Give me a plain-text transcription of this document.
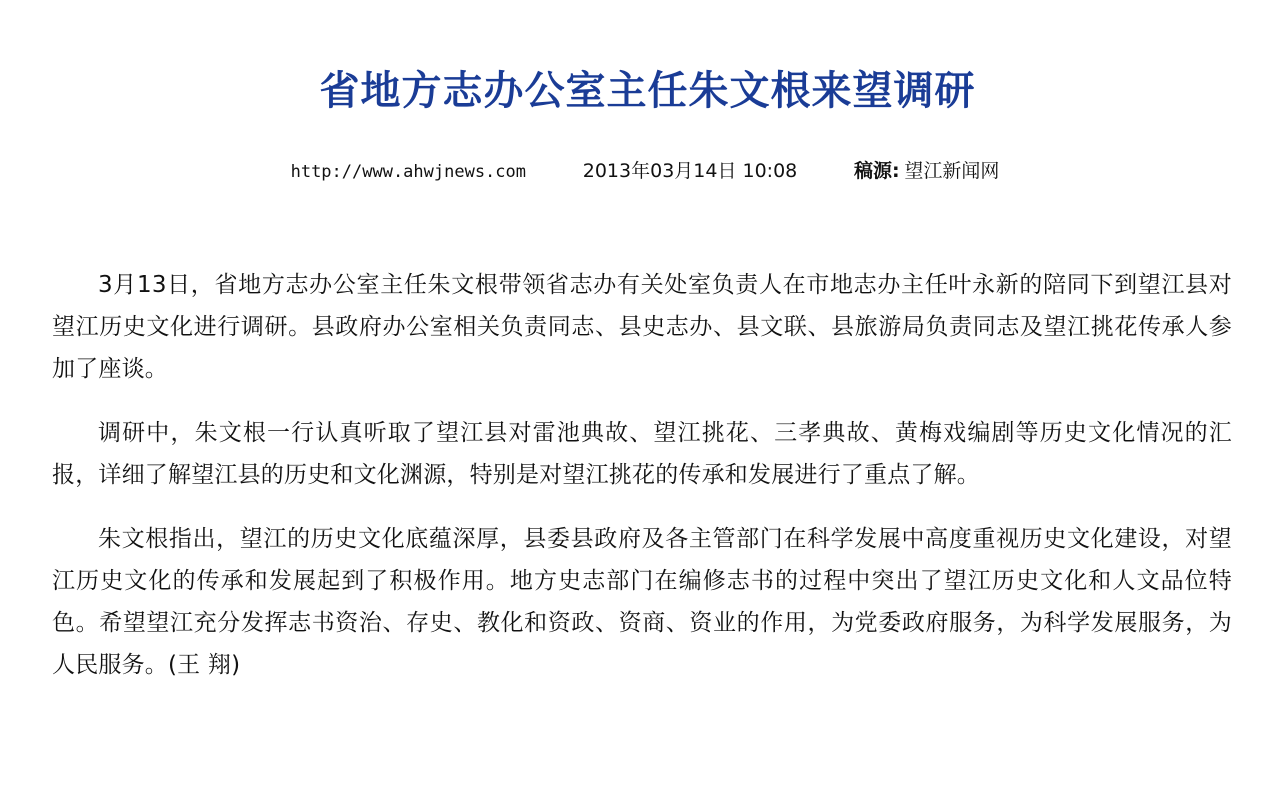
省地方志办公室主任朱文根来望调研
http://www.ahwjnews.com	2013年03月14日 10:08	稿源: 望江新闻网

3月13日，省地方志办公室主任朱文根带领省志办有关处室负责人在市地志办主任叶永新的陪同下到望江县对望江历史文化进行调研。县政府办公室相关负责同志、县史志办、县文联、县旅游局负责同志及望江挑花传承人参加了座谈。

调研中，朱文根一行认真听取了望江县对雷池典故、望江挑花、三孝典故、黄梅戏编剧等历史文化情况的汇报，详细了解望江县的历史和文化渊源，特别是对望江挑花的传承和发展进行了重点了解。

朱文根指出，望江的历史文化底蕴深厚，县委县政府及各主管部门在科学发展中高度重视历史文化建设，对望江历史文化的传承和发展起到了积极作用。地方史志部门在编修志书的过程中突出了望江历史文化和人文品位特色。希望望江充分发挥志书资治、存史、教化和资政、资商、资业的作用，为党委政府服务，为科学发展服务，为人民服务。(王 翔)
